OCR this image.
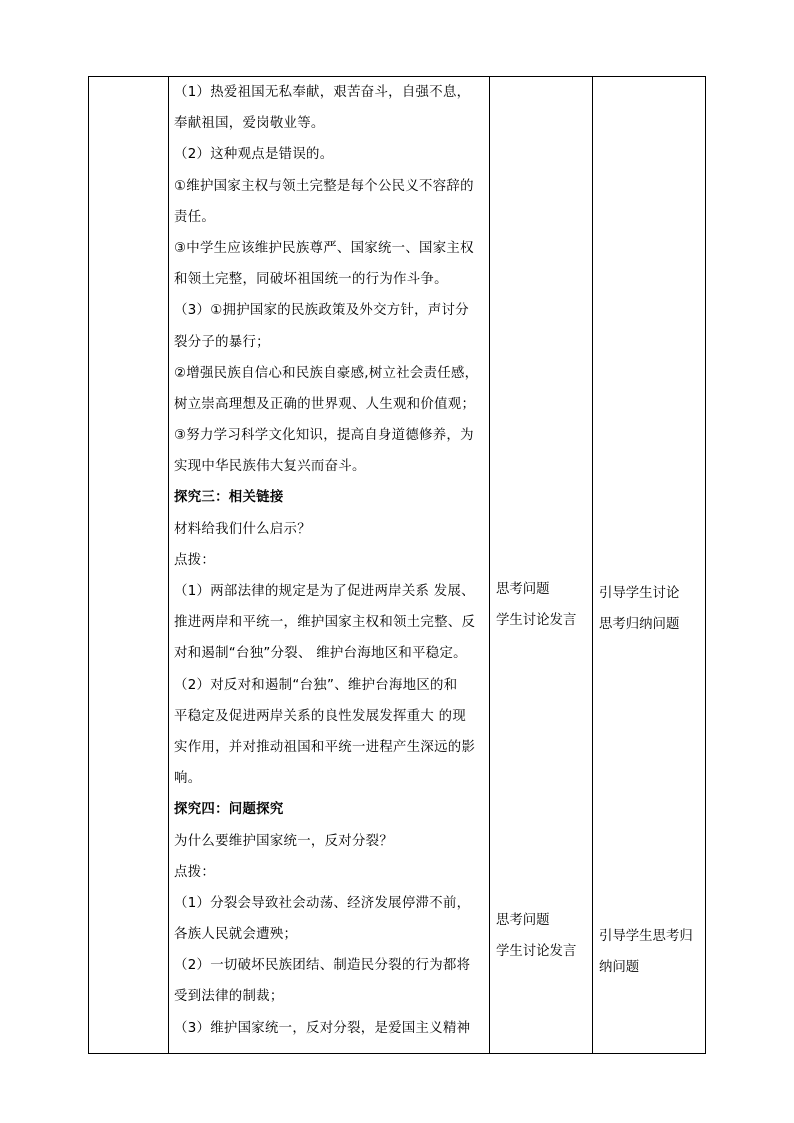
（1）热爱祖国无私奉献，艰苦奋斗，自强不息，
奉献祖国，爱岗敬业等。
（2）这种观点是错误的。
①维护国家主权与领土完整是每个公民义不容辞的
责任。
③中学生应该维护民族尊严、国家统一、国家主权
和领土完整，同破坏祖国统一的行为作斗争。
（3）①拥护国家的民族政策及外交方针，声讨分
裂分子的暴行；
②增强民族自信心和民族自豪感,树立社会责任感，
树立崇高理想及正确的世界观、人生观和价值观；
③努力学习科学文化知识，提高自身道德修养，为
实现中华民族伟大复兴而奋斗。
探究三：相关链接
材料给我们什么启示？
点拨：
（1）两部法律的规定是为了促进两岸关系 发展、
推进两岸和平统一，维护国家主权和领土完整、反
对和遏制“台独”分裂、 维护台海地区和平稳定。
（2）对反对和遏制“台独”、维护台海地区的和
平稳定及促进两岸关系的良性发展发挥重大 的现
实作用，并对推动祖国和平统一进程产生深远的影
响。
探究四：问题探究
为什么要维护国家统一，反对分裂？
点拨：
（1）分裂会导致社会动荡、经济发展停滞不前，
各族人民就会遭殃；
（2）一切破坏民族团结、制造民分裂的行为都将
受到法律的制裁；
（3）维护国家统一，反对分裂，是爱国主义精神
思考问题
学生讨论发言
引导学生讨论
思考归纳问题
思考问题
学生讨论发言
引导学生思考归
纳问题
